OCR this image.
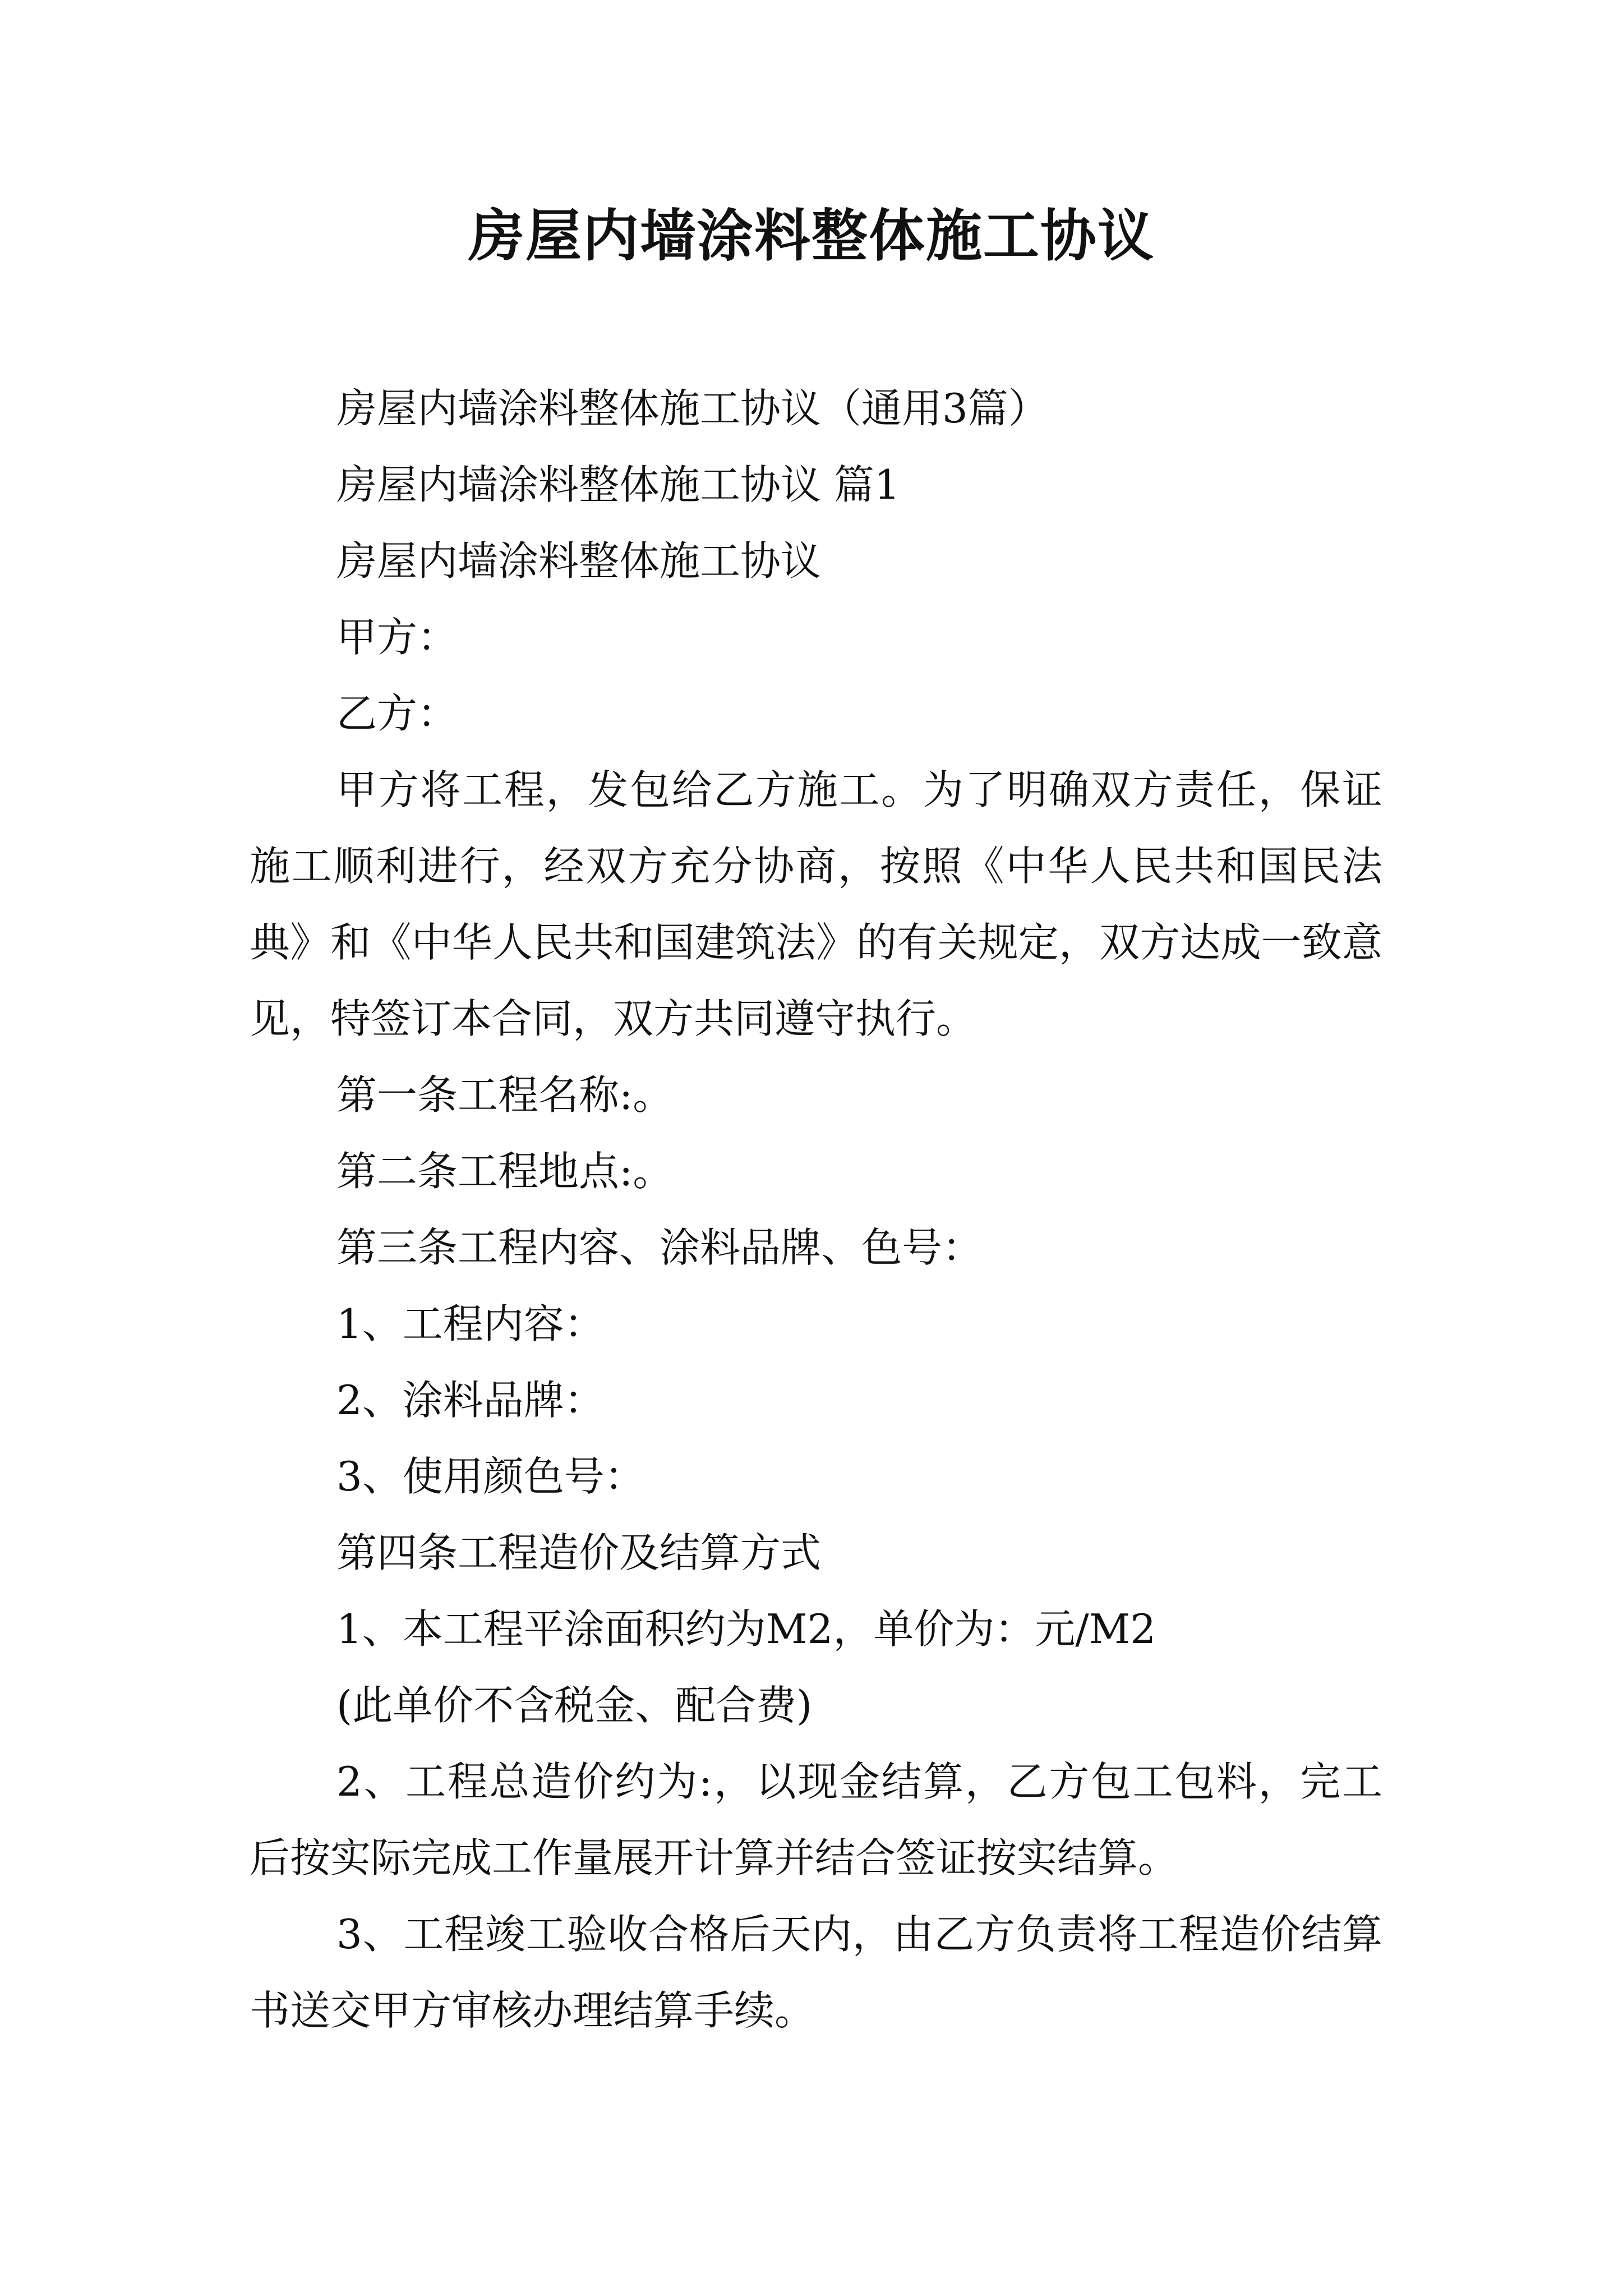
房屋内墙涂料整体施工协议

房屋内墙涂料整体施工协议（通用3篇）

房屋内墙涂料整体施工协议 篇1

房屋内墙涂料整体施工协议

甲方：

乙方：

甲方将工程，发包给乙方施工。为了明确双方责任，保证施工顺利进行，经双方充分协商，按照《中华人民共和国民法典》和《中华人民共和国建筑法》的有关规定，双方达成一致意见，特签订本合同，双方共同遵守执行。

第一条工程名称:。

第二条工程地点:。

第三条工程内容、涂料品牌、色号：

1、工程内容：

2、涂料品牌：

3、使用颜色号：

第四条工程造价及结算方式

1、本工程平涂面积约为M2，单价为：元/M2

(此单价不含税金、配合费)

2、工程总造价约为:，以现金结算，乙方包工包料，完工后按实际完成工作量展开计算并结合签证按实结算。

3、工程竣工验收合格后天内，由乙方负责将工程造价结算书送交甲方审核办理结算手续。
